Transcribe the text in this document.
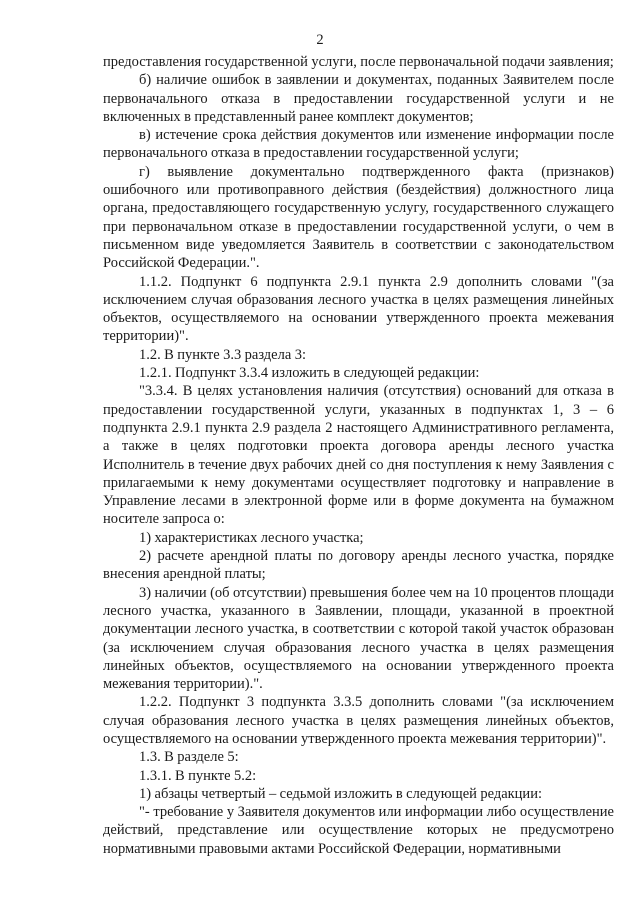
2

предоставления государственной услуги, после первоначальной подачи заявления;

б) наличие ошибок в заявлении и документах, поданных Заявителем после первоначального отказа в предоставлении государственной услуги и не включенных в представленный ранее комплект документов;

в) истечение срока действия документов или изменение информации после первоначального отказа в предоставлении государственной услуги;

г) выявление документально подтвержденного факта (признаков) ошибочного или противоправного действия (бездействия) должностного лица органа, предоставляющего государственную услугу, государственного служащего при первоначальном отказе в предоставлении государственной услуги, о чем в письменном виде уведомляется Заявитель в соответствии с законодательством Российской Федерации.".

1.1.2. Подпункт 6 подпункта 2.9.1 пункта 2.9 дополнить словами "(за исключением случая образования лесного участка в целях размещения линейных объектов, осуществляемого на основании утвержденного проекта межевания территории)".

1.2. В пункте 3.3 раздела 3:

1.2.1. Подпункт 3.3.4 изложить в следующей редакции:

"3.3.4. В целях установления наличия (отсутствия) оснований для отказа в предоставлении государственной услуги, указанных в подпунктах 1, 3 – 6 подпункта 2.9.1 пункта 2.9 раздела 2 настоящего Административного регламента, а также в целях подготовки проекта договора аренды лесного участка Исполнитель в течение двух рабочих дней со дня поступления к нему Заявления с прилагаемыми к нему документами осуществляет подготовку и направление в Управление лесами в электронной форме или в форме документа на бумажном носителе запроса о:

1) характеристиках лесного участка;

2) расчете арендной платы по договору аренды лесного участка, порядке внесения арендной платы;

3) наличии (об отсутствии) превышения более чем на 10 процентов площади лесного участка, указанного в Заявлении, площади, указанной в проектной документации лесного участка, в соответствии с которой такой участок образован (за исключением случая образования лесного участка в целях размещения линейных объектов, осуществляемого на основании утвержденного проекта межевания территории).".

1.2.2. Подпункт 3 подпункта 3.3.5 дополнить словами "(за исключением случая образования лесного участка в целях размещения линейных объектов, осуществляемого на основании утвержденного проекта межевания территории)".

1.3. В разделе 5:

1.3.1. В пункте 5.2:

1) абзацы четвертый – седьмой изложить в следующей редакции:

"- требование у Заявителя документов или информации либо осуществление действий, представление или осуществление которых не предусмотрено нормативными правовыми актами Российской Федерации, нормативными
